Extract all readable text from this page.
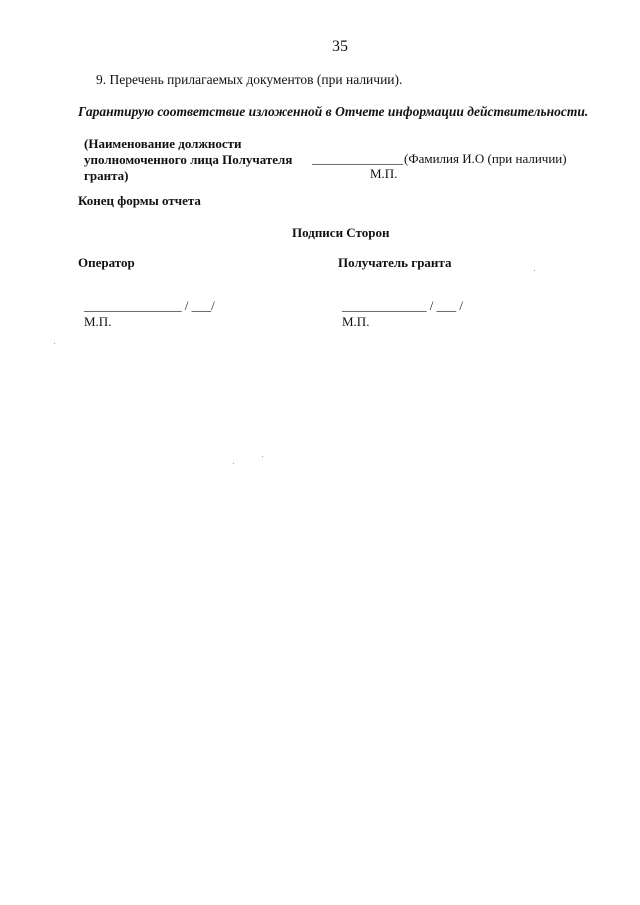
35
9. Перечень прилагаемых документов (при наличии).
Гарантирую соответствие изложенной в Отчете информации действительности.
(Наименование должности
уполномоченного лица Получателя
гранта)
______________ (Фамилия И.О (при наличии)
М.П.
Конец формы отчета
Подписи Сторон
Оператор	Получатель гранта
_______________ / ___/	_____________ / ___ /
М.П.	М.П.
